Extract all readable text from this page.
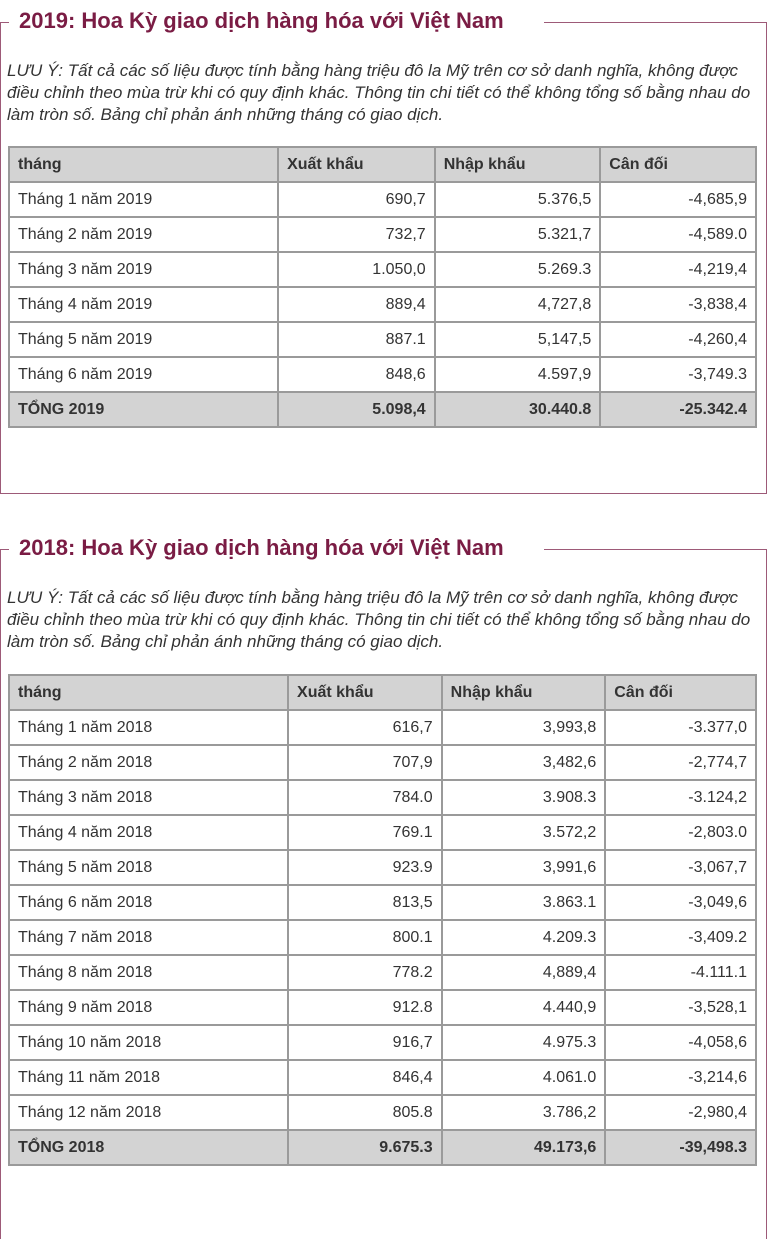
2019: Hoa Kỳ giao dịch hàng hóa với Việt Nam
LƯU Ý: Tất cả các số liệu được tính bằng hàng triệu đô la Mỹ trên cơ sở danh nghĩa, không được điều chỉnh theo mùa trừ khi có quy định khác. Thông tin chi tiết có thể không tổng số bằng nhau do làm tròn số. Bảng chỉ phản ánh những tháng có giao dịch.
tháng	Xuất khẩu	Nhập khẩu	Cân đối
Tháng 1 năm 2019	690,7	5.376,5	-4,685,9
Tháng 2 năm 2019	732,7	5.321,7	-4,589.0
Tháng 3 năm 2019	1.050,0	5.269.3	-4,219,4
Tháng 4 năm 2019	889,4	4,727,8	-3,838,4
Tháng 5 năm 2019	887.1	5,147,5	-4,260,4
Tháng 6 năm 2019	848,6	4.597,9	-3,749.3
TỔNG 2019	5.098,4	30.440.8	-25.342.4
2018: Hoa Kỳ giao dịch hàng hóa với Việt Nam
LƯU Ý: Tất cả các số liệu được tính bằng hàng triệu đô la Mỹ trên cơ sở danh nghĩa, không được điều chỉnh theo mùa trừ khi có quy định khác. Thông tin chi tiết có thể không tổng số bằng nhau do làm tròn số. Bảng chỉ phản ánh những tháng có giao dịch.
tháng	Xuất khẩu	Nhập khẩu	Cân đối
Tháng 1 năm 2018	616,7	3,993,8	-3.377,0
Tháng 2 năm 2018	707,9	3,482,6	-2,774,7
Tháng 3 năm 2018	784.0	3.908.3	-3.124,2
Tháng 4 năm 2018	769.1	3.572,2	-2,803.0
Tháng 5 năm 2018	923.9	3,991,6	-3,067,7
Tháng 6 năm 2018	813,5	3.863.1	-3,049,6
Tháng 7 năm 2018	800.1	4.209.3	-3,409.2
Tháng 8 năm 2018	778.2	4,889,4	-4.111.1
Tháng 9 năm 2018	912.8	4.440,9	-3,528,1
Tháng 10 năm 2018	916,7	4.975.3	-4,058,6
Tháng 11 năm 2018	846,4	4.061.0	-3,214,6
Tháng 12 năm 2018	805.8	3.786,2	-2,980,4
TỔNG 2018	9.675.3	49.173,6	-39,498.3
